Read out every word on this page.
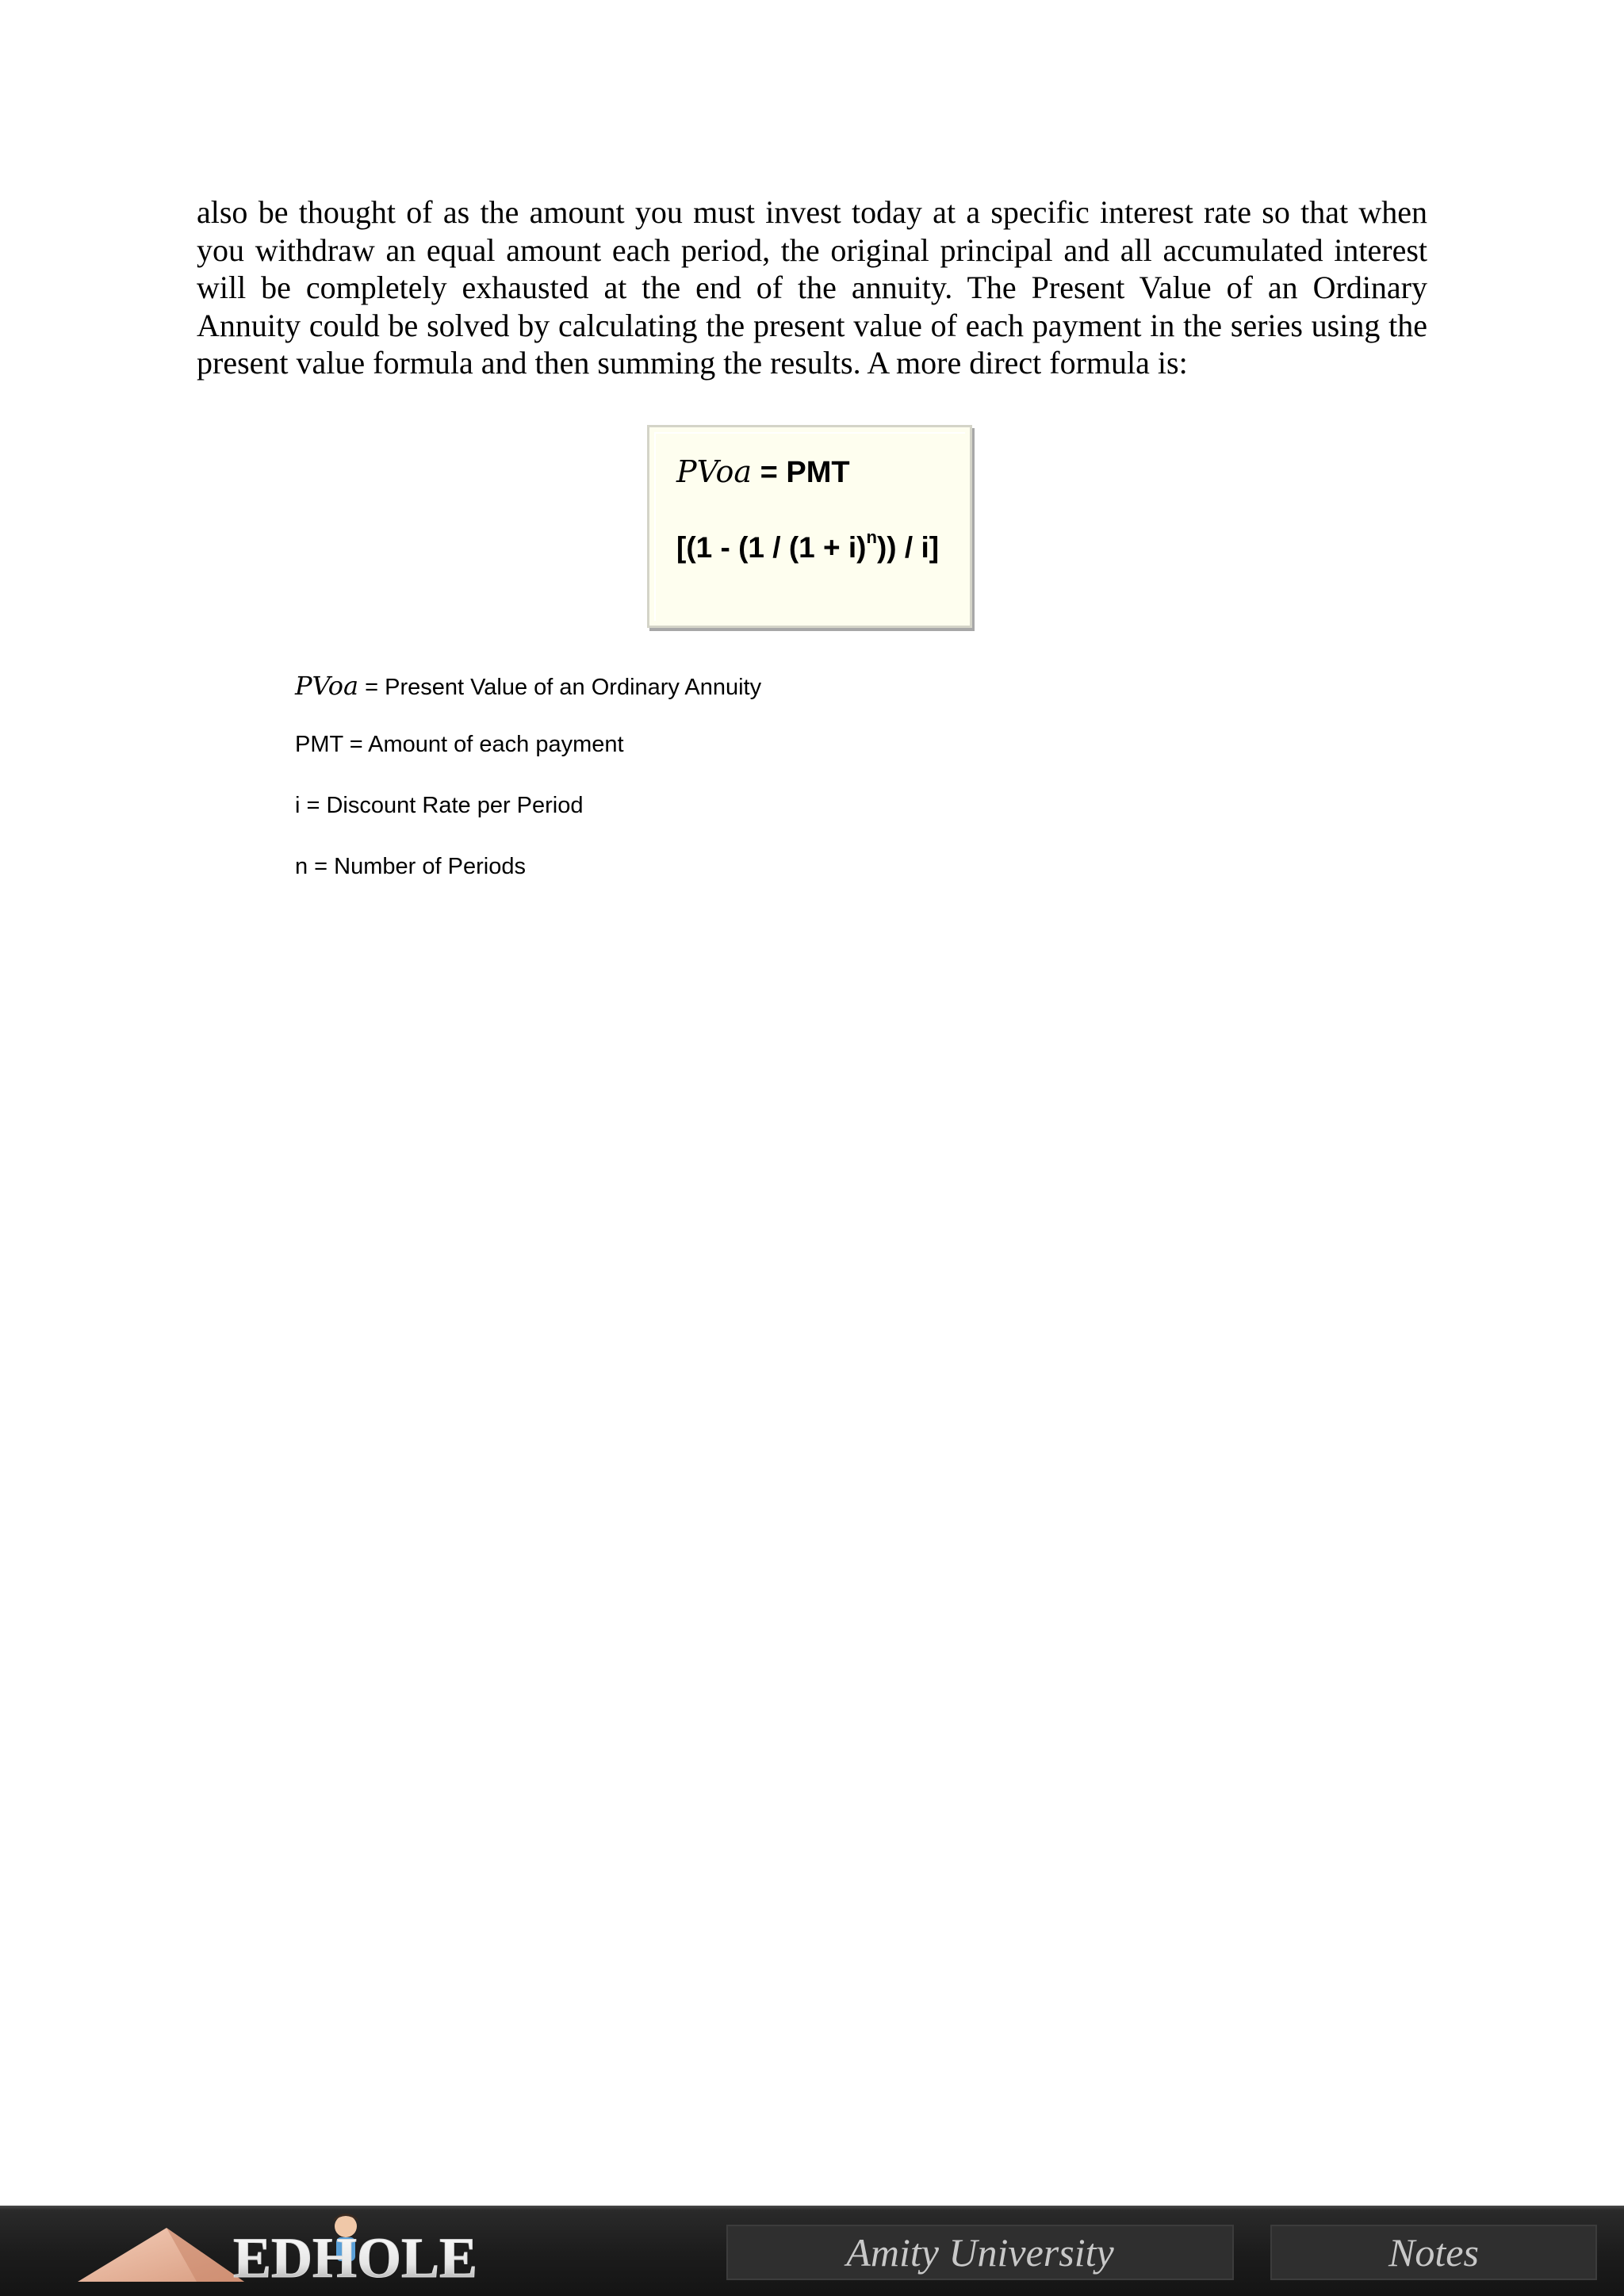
also be thought of as the amount you must invest today at a specific interest rate so that when you withdraw an equal amount each period, the original principal and all accumulated interest will be completely exhausted at the end of the annuity. The Present Value of an Ordinary Annuity could be solved by calculating the present value of each payment in the series using the present value formula and then summing the results. A more direct formula is:

PVoa = PMT
$[(1 - (1 / (1 + i)^n)) / i]$
PVoa = Present Value of an Ordinary Annuity
PMT = Amount of each payment
i = Discount Rate per Period
n = Number of Periods
EDHOLE	Amity University	Notes
